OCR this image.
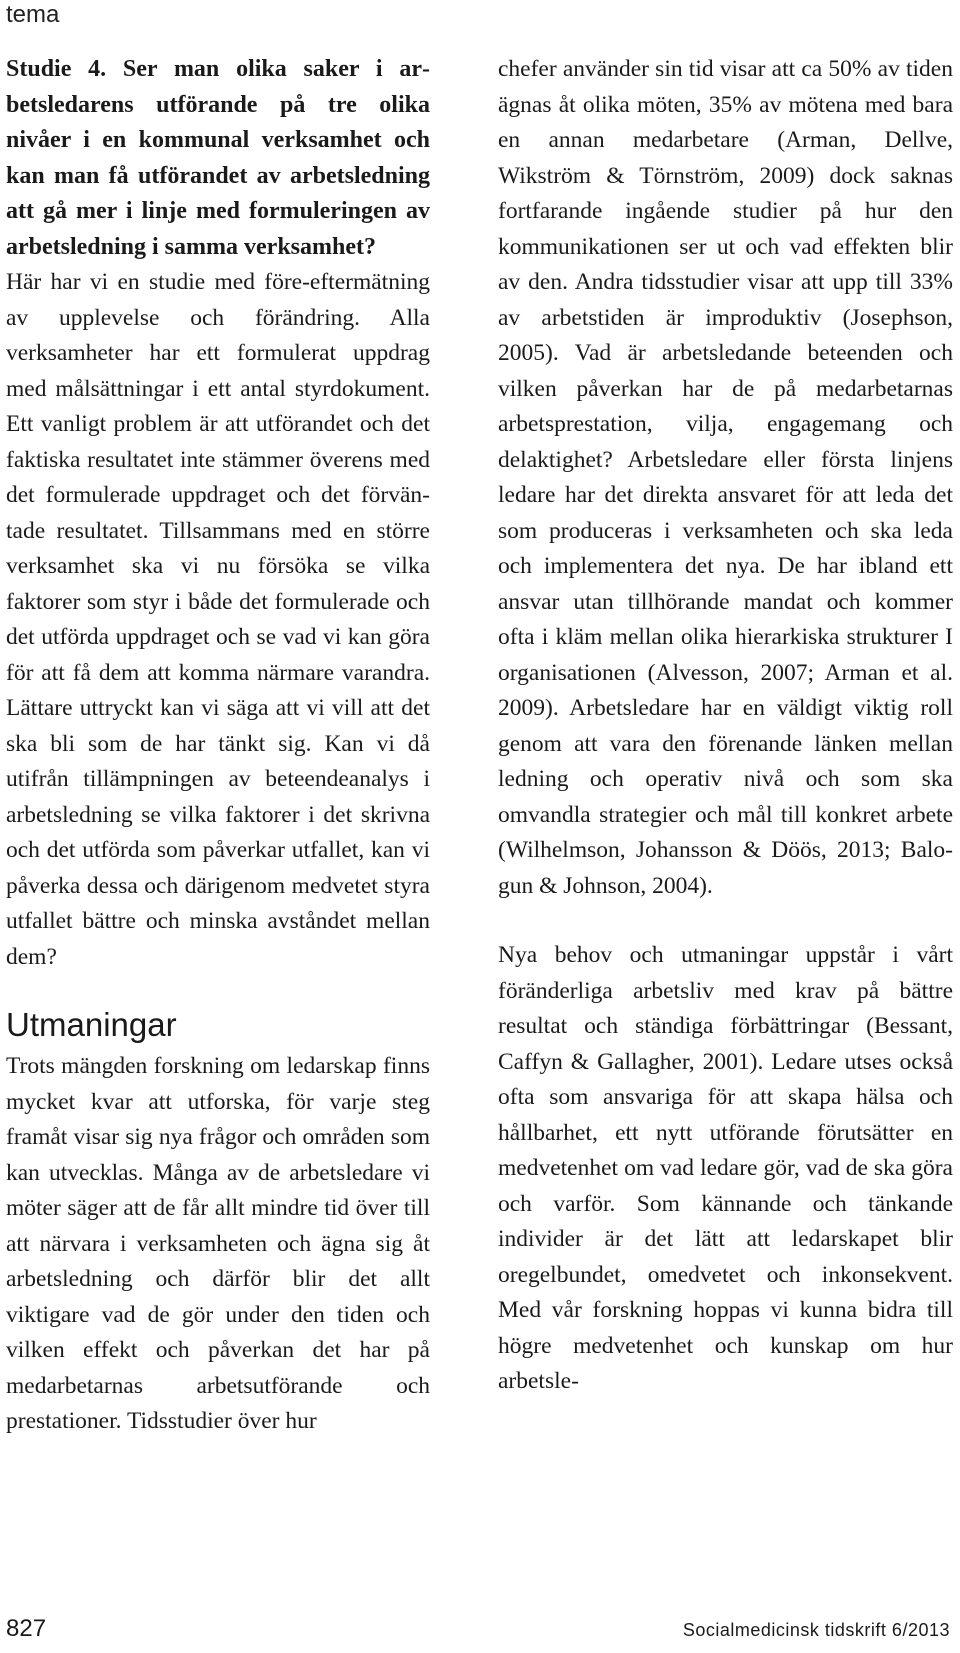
tema

Studie 4. Ser man olika saker i arbetsledarens utförande på tre olika nivåer i en kommunal verksamhet och kan man få utförandet av arbetsledning att gå mer i linje med formuleringen av arbetsledning i samma verksamhet?

Här har vi en studie med före-eftermätning av upplevelse och förändring. Alla verksamheter har ett formulerat uppdrag med målsättningar i ett antal styrdokument. Ett vanligt problem är att utförandet och det faktiska resultatet inte stämmer överens med det formulerade uppdraget och det förväntade resultatet. Tillsammans med en större verksamhet ska vi nu försöka se vilka faktorer som styr i både det formulerade och det utförda uppdraget och se vad vi kan göra för att få dem att komma närmare varandra. Lättare uttryckt kan vi säga att vi vill att det ska bli som de har tänkt sig. Kan vi då utifrån tillämpningen av beteendeanalys i arbetsledning se vilka faktorer i det skrivna och det utförda som påverkar utfallet, kan vi påverka dessa och därigenom medvetet styra utfallet bättre och minska avståndet mellan dem?

Utmaningar

Trots mängden forskning om ledarskap finns mycket kvar att utforska, för varje steg framåt visar sig nya frågor och områden som kan utvecklas. Många av de arbetsledare vi möter säger att de får allt mindre tid över till att närvara i verksamheten och ägna sig åt arbetsledning och därför blir det allt viktigare vad de gör under den tiden och vilken effekt och påverkan det har på medarbetarnas arbetsutförande och prestationer. Tidsstudier över hur

chefer använder sin tid visar att ca 50% av tiden ägnas åt olika möten, 35% av mötena med bara en annan medarbetare (Arman, Dellve, Wikström & Törnström, 2009) dock saknas fortfarande ingående studier på hur den kommunikationen ser ut och vad effekten blir av den. Andra tidsstudier visar att upp till 33% av arbetstiden är improduktiv (Josephson, 2005). Vad är arbetsledande beteenden och vilken påverkan har de på medarbetarnas arbetsprestation, vilja, engagemang och delaktighet? Arbetsledare eller första linjens ledare har det direkta ansvaret för att leda det som produceras i verksamheten och ska leda och implementera det nya. De har ibland ett ansvar utan tillhörande mandat och kommer ofta i kläm mellan olika hierarkiska strukturer I organisationen (Alvesson, 2007; Arman et al. 2009). Arbetsledare har en väldigt viktig roll genom att vara den förenande länken mellan ledning och operativ nivå och som ska omvandla strategier och mål till konkret arbete (Wilhelmson, Johansson & Döös, 2013; Balogun & Johnson, 2004).

Nya behov och utmaningar uppstår i vårt föränderliga arbetsliv med krav på bättre resultat och ständiga förbättringar (Bessant, Caffyn & Gallagher, 2001). Ledare utses också ofta som ansvariga för att skapa hälsa och hållbarhet, ett nytt utförande förutsätter en medvetenhet om vad ledare gör, vad de ska göra och varför. Som kännande och tänkande individer är det lätt att ledarskapet blir oregelbundet, omedvetet och inkonsekvent. Med vår forskning hoppas vi kunna bidra till högre medvetenhet och kunskap om hur arbetsle-

827	Socialmedicinsk tidskrift 6/2013
